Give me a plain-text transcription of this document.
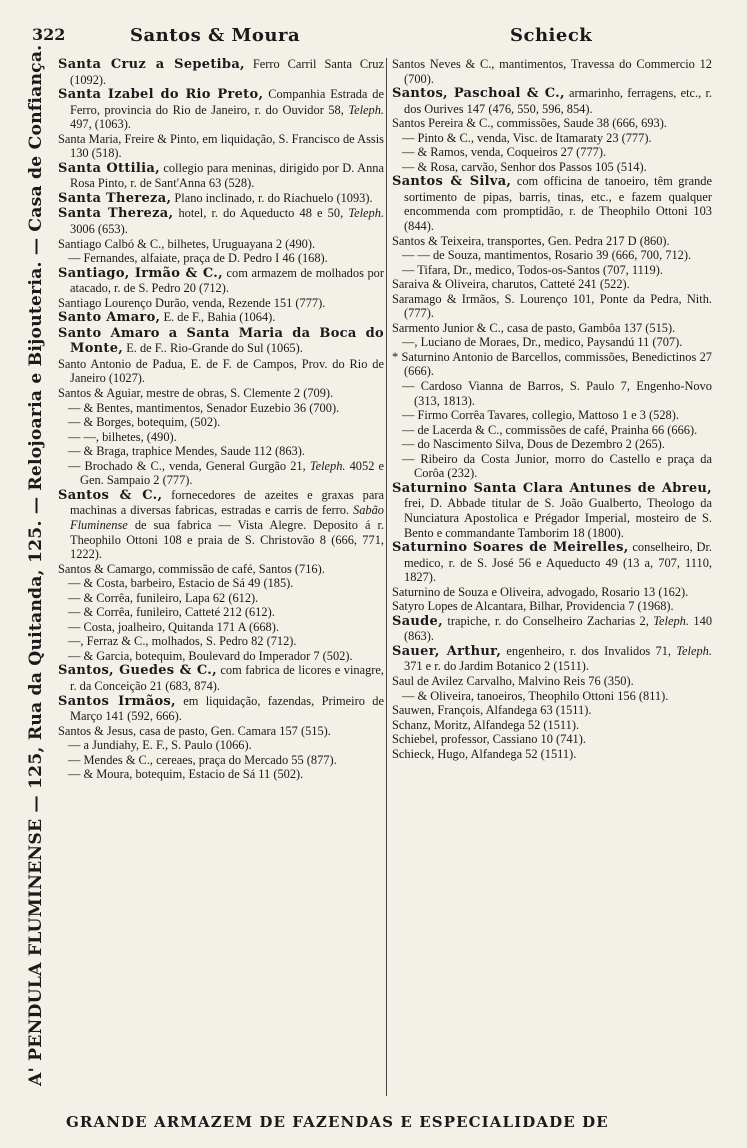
322	Santos & Moura	Schieck
A' PENDULA FLUMINENSE — 125, Rua da Quitanda, 125. — Relojoaria e Bijouteria. — Casa de Confiança. Santa Cruz a Sepetiba, Ferro Carril Santa Cruz (1092).
Santa Izabel do Rio Preto, Companhia Estrada de Ferro, provincia do Rio de Janeiro, r. do Ouvidor 58, Teleph. 497, (1063).
Santa Maria, Freire & Pinto, em liquidação, S. Francisco de Assis 130 (518).
Santa Ottilia, collegio para meninas, dirigido por D. Anna Rosa Pinto, r. de Sant'Anna 63 (528).
Santa Thereza, Plano inclinado, r. do Riachuelo (1093).
Santa Thereza, hotel, r. do Aqueducto 48 e 50, Teleph. 3006 (653).
Santiago Calbó & C., bilhetes, Uruguayana 2 (490).
— Fernandes, alfaiate, praça de D. Pedro I 46 (168).
Santiago, Irmão & C., com armazem de molhados por atacado, r. de S. Pedro 20 (712).
Santiago Lourenço Durão, venda, Rezende 151 (777).
Santo Amaro, E. de F., Bahia (1064).
Santo Amaro a Santa Maria da Boca do Monte, E. de F.. Rio-Grande do Sul (1065).
Santo Antonio de Padua, E. de F. de Campos, Prov. do Rio de Janeiro (1027).
Santos & Aguiar, mestre de obras, S. Clemente 2 (709).
— & Bentes, mantimentos, Senador Euzebio 36 (700).
— & Borges, botequim, (502).
— —, bilhetes, (490).
— & Braga, traphice Mendes, Saude 112 (863).
— Brochado & C., venda, General Gurgão 21, Teleph. 4052 e Gen. Sampaio 2 (777).
Santos & C., fornecedores de azeites e graxas para machinas a diversas fabricas, estradas e carris de ferro. Sabão Fluminense de sua fabrica — Vista Alegre. Deposito á r. Theophilo Ottoni 108 e praia de S. Christovão 8 (666, 771, 1222).
Santos & Camargo, commissão de café, Santos (716).
— & Costa, barbeiro, Estacio de Sá 49 (185).
— & Corrêa, funileiro, Lapa 62 (612).
— & Corrêa, funileiro, Catteté 212 (612).
— Costa, joalheiro, Quitanda 171 A (668).
—, Ferraz & C., molhados, S. Pedro 82 (712).
— & Garcia, botequim, Boulevard do Imperador 7 (502).
Santos, Guedes & C., com fabrica de licores e vinagre, r. da Conceição 21 (683, 874).
Santos Irmãos, em liquidação, fazendas, Primeiro de Março 141 (592, 666).
Santos & Jesus, casa de pasto, Gen. Camara 157 (515).
— a Jundiahy, E. F., S. Paulo (1066).
— Mendes & C., cereaes, praça do Mercado 55 (877).
— & Moura, botequim, Estacio de Sá 11 (502).
Santos Neves & C., mantimentos, Travessa do Commercio 12 (700).
Santos, Paschoal & C., armarinho, ferragens, etc., r. dos Ourives 147 (476, 550, 596, 854).
Santos Pereira & C., commissões, Saude 38 (666, 693).
— Pinto & C., venda, Visc. de Itamaraty 23 (777).
— & Ramos, venda, Coqueiros 27 (777).
— & Rosa, carvão, Senhor dos Passos 105 (514).
Santos & Silva, com officina de tanoeiro, têm grande sortimento de pipas, barris, tinas, etc., e fazem qualquer encommenda com promptidão, r. de Theophilo Ottoni 103 (844).
Santos & Teixeira, transportes, Gen. Pedra 217 D (860).
— — de Souza, mantimentos, Rosario 39 (666, 700, 712).
— Tifara, Dr., medico, Todos-os-Santos (707, 1119).
Saraiva & Oliveira, charutos, Catteté 241 (522).
Saramago & Irmãos, S. Lourenço 101, Ponte da Pedra, Nith. (777).
Sarmento Junior & C., casa de pasto, Gambôa 137 (515).
—, Luciano de Moraes, Dr., medico, Paysandú 11 (707).
* Saturnino Antonio de Barcellos, commissões, Benedictinos 27 (666).
— Cardoso Vianna de Barros, S. Paulo 7, Engenho-Novo (313, 1813).
— Firmo Corrêa Tavares, collegio, Mattoso 1 e 3 (528).
— de Lacerda & C., commissões de café, Prainha 66 (666).
— do Nascimento Silva, Dous de Dezembro 2 (265).
— Ribeiro da Costa Junior, morro do Castello e praça da Corôa (232).
Saturnino Santa Clara Antunes de Abreu, frei, D. Abbade titular de S. João Gualberto, Theologo da Nunciatura Apostolica e Prégador Imperial, mosteiro de S. Bento e commandante Tamborim 18 (1800).
Saturnino Soares de Meirelles, conselheiro, Dr. medico, r. de S. José 56 e Aqueducto 49 (13 a, 707, 1110, 1827).
Saturnino de Souza e Oliveira, advogado, Rosario 13 (162).
Satyro Lopes de Alcantara, Bilhar, Providencia 7 (1968).
Saude, trapiche, r. do Conselheiro Zacharias 2, Teleph. 140 (863).
Sauer, Arthur, engenheiro, r. dos Invalidos 71, Teleph. 371 e r. do Jardim Botanico 2 (1511).
Saul de Avilez Carvalho, Malvino Reis 76 (350).
— & Oliveira, tanoeiros, Theophilo Ottoni 156 (811).
Sauwen, François, Alfandega 63 (1511).
Schanz, Moritz, Alfandega 52 (1511).
Schiebel, professor, Cassiano 10 (741).
Schieck, Hugo, Alfandega 52 (1511).
GRANDE ARMAZEM DE FAZENDAS E ESPECIALIDADE DE
